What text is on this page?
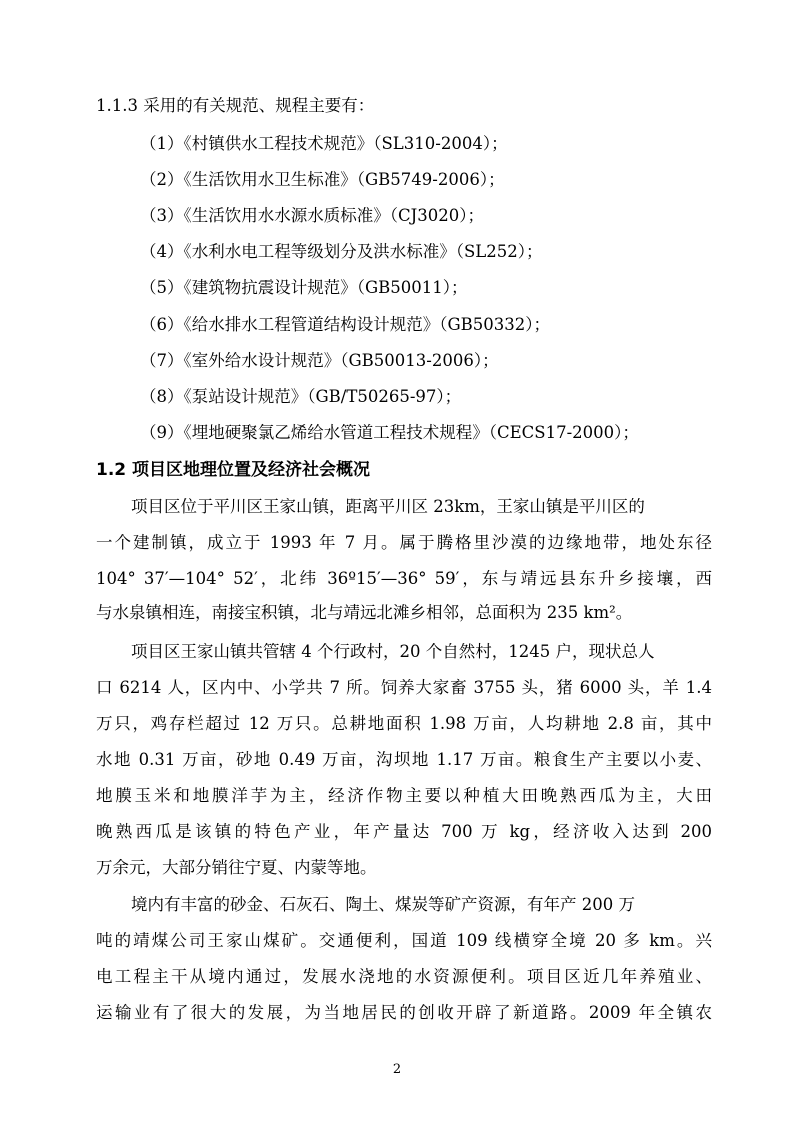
1.1.3 采用的有关规范、规程主要有：
（1）《村镇供水工程技术规范》（SL310-2004）；
（2）《生活饮用水卫生标准》（GB5749-2006）；
（3）《生活饮用水水源水质标准》（CJ3020）；
（4）《水利水电工程等级划分及洪水标准》（SL252）；
（5）《建筑物抗震设计规范》（GB50011）；
（6）《给水排水工程管道结构设计规范》（GB50332）；
（7）《室外给水设计规范》（GB50013-2006）；
（8）《泵站设计规范》（GB/T50265-97）；
（9）《埋地硬聚氯乙烯给水管道工程技术规程》（CECS17-2000）；
1.2 项目区地理位置及经济社会概况
项目区位于平川区王家山镇，距离平川区 23km，王家山镇是平川区的
一个建制镇，成立于 1993 年 7 月。属于腾格里沙漠的边缘地带，地处东径
104° 37′—104° 52′，北纬 36º15′—36° 59′，东与靖远县东升乡接壤，西
与水泉镇相连，南接宝积镇，北与靖远北滩乡相邻，总面积为 235 km²。
项目区王家山镇共管辖 4 个行政村，20 个自然村，1245 户，现状总人
口 6214 人，区内中、小学共 7 所。饲养大家畜 3755 头，猪 6000 头，羊 1.4
万只，鸡存栏超过 12 万只。总耕地面积 1.98 万亩，人均耕地 2.8 亩，其中
水地 0.31 万亩，砂地 0.49 万亩，沟坝地 1.17 万亩。粮食生产主要以小麦、
地膜玉米和地膜洋芋为主，经济作物主要以种植大田晚熟西瓜为主，大田
晚熟西瓜是该镇的特色产业，年产量达 700 万 kg，经济收入达到 200
万余元，大部分销往宁夏、内蒙等地。
境内有丰富的砂金、石灰石、陶土、煤炭等矿产资源，有年产 200 万
吨的靖煤公司王家山煤矿。交通便利，国道 109 线横穿全境 20 多 km。兴
电工程主干从境内通过，发展水浇地的水资源便利。项目区近几年养殖业、
运输业有了很大的发展，为当地居民的创收开辟了新道路。2009 年全镇农
2
